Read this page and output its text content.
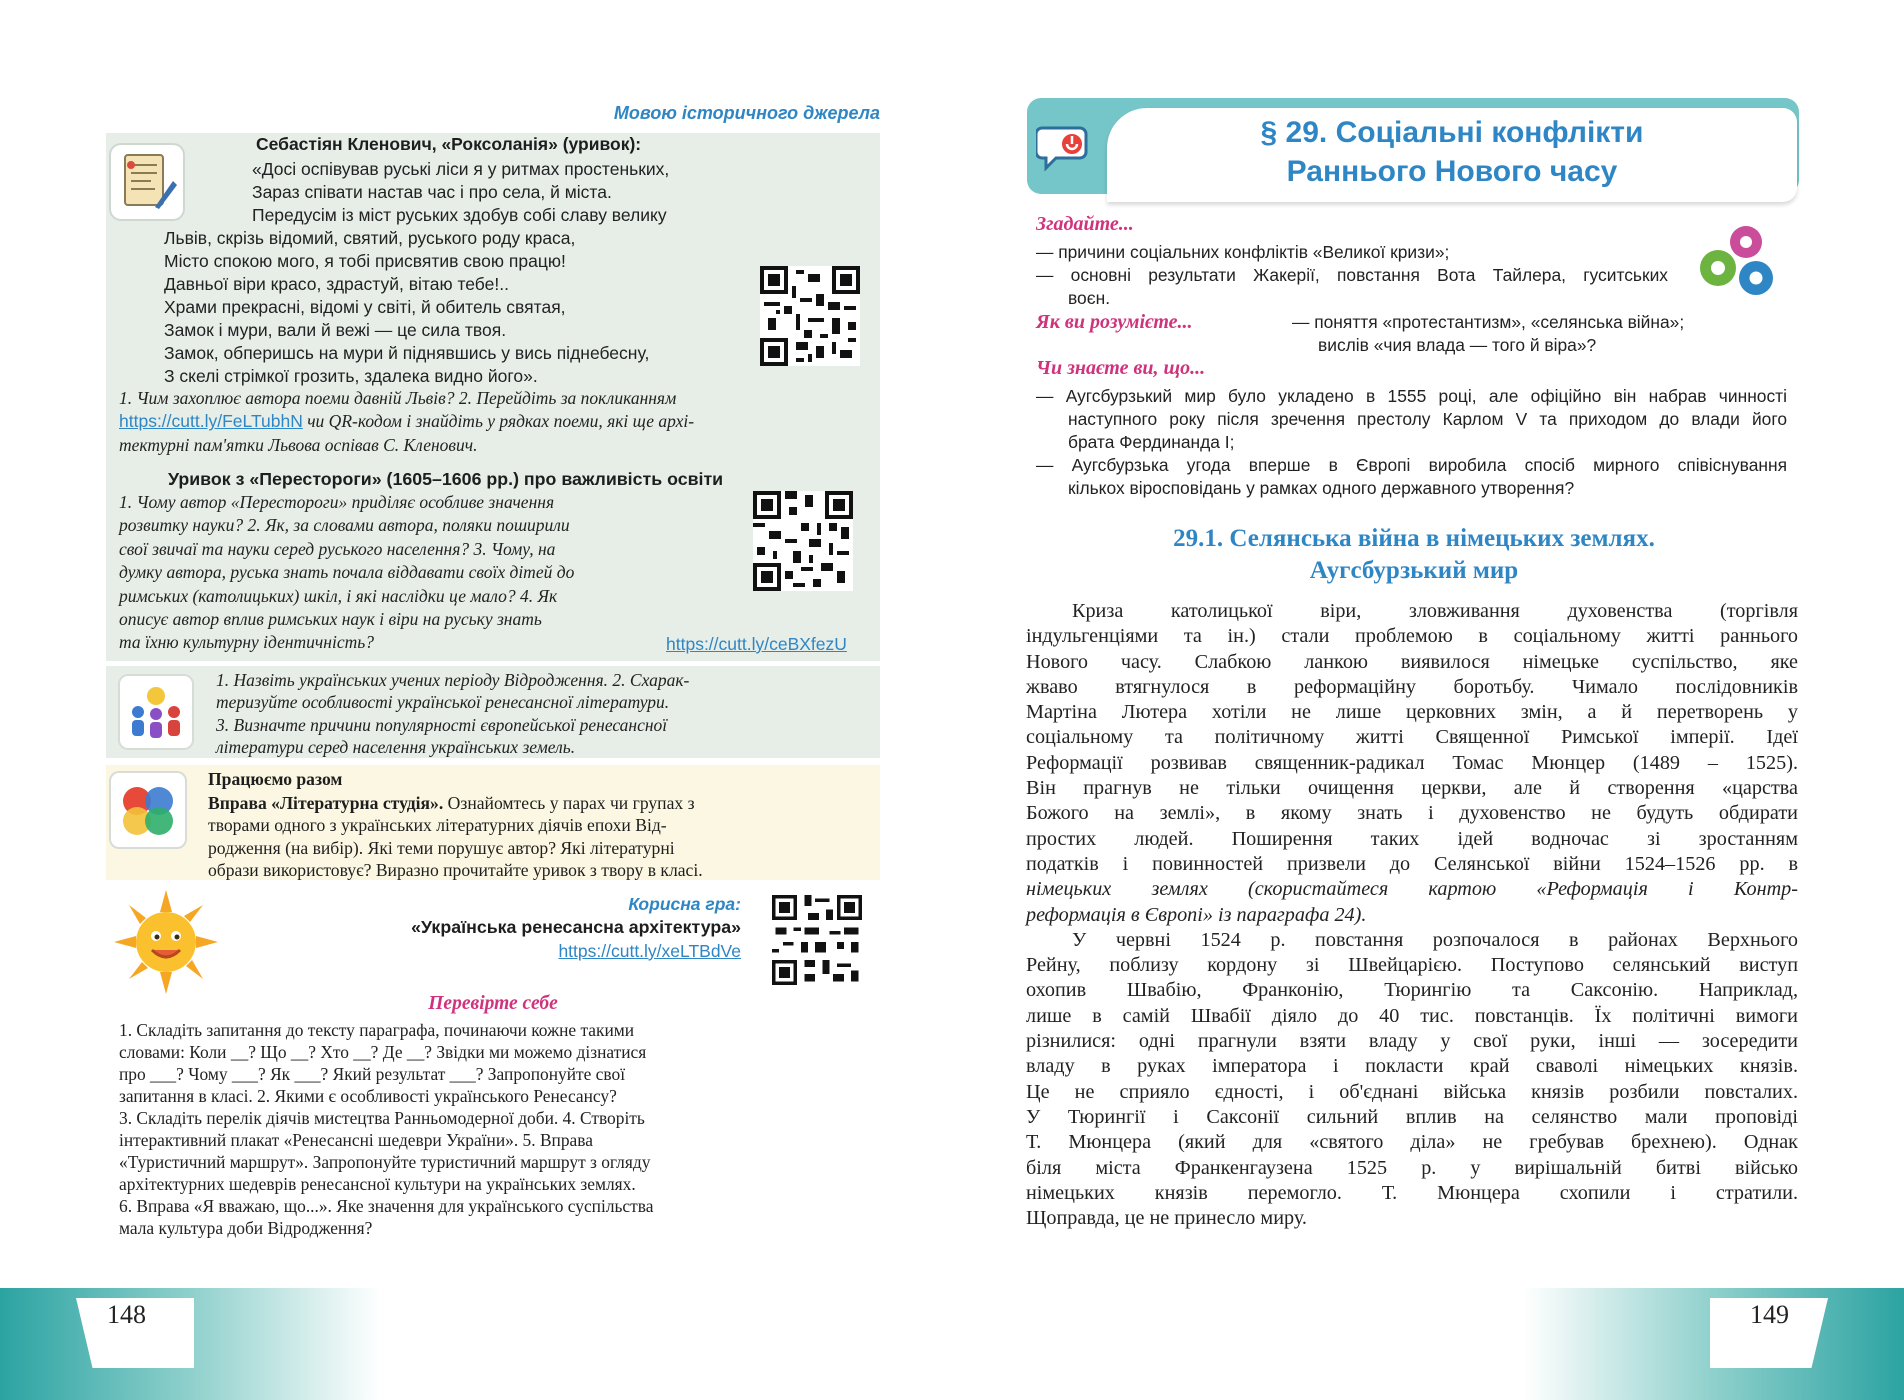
Мовою історичного джерела
Себастіян Кленович, «Роксоланія» (уривок):
«Досі оспівував руські ліси я у ритмах простеньких,
Зараз співати настав час і про села, й міста.
Передусім із міст руських здобув собі славу велику
Львів, скрізь відомий, святий, руського роду краса,
Місто спокою мого, я тобі присвятив свою працю!
Давньої віри красо, здрастуй, вітаю тебе!..
Храми прекрасні, відомі у світі, й обитель святая,
Замок і мури, вали й вежі — це сила твоя.
Замок, обперишсь на мури й піднявшись у вись піднебесну,
З скелі стрімкої грозить, здалека видно його».
1. Чим захоплює автора поеми давній Львів? 2. Перейдіть за покликанням
https://cutt.ly/FeLTubhN чи QR-кодом і знайдіть у рядках поеми, які ще архі-
тектурні пам'ятки Львова оспівав С. Кленович.
Уривок з «Перестороги» (1605–1606 рр.) про важливість освіти
1. Чому автор «Перестороги» приділяє особливе значення
розвитку науки? 2. Як, за словами автора, поляки поширили
свої звичаї та науки серед руського населення? 3. Чому, на
думку автора, руська знать почала віддавати своїх дітей до
римських (католицьких) шкіл, і які наслідки це мало? 4. Як
описує автор вплив римських наук і віри на руську знать
та їхню культурну ідентичність?	https://cutt.ly/ceBXfezU
1. Назвіть українських учених періоду Відродження. 2. Схарак-
теризуйте особливості української ренесансної літератури.
3. Визначте причини популярності європейської ренесансної
літератури серед населення українських земель.
Працюємо разом
Вправа «Літературна студія». Ознайомтесь у парах чи групах з
творами одного з українських літературних діячів епохи Від-
родження (на вибір). Які теми порушує автор? Які літературні
образи використовує? Виразно прочитайте уривок з твору в класі.
Корисна гра:
«Українська ренесансна архітектура»
https://cutt.ly/xeLTBdVe
Перевірте себе
1. Складіть запитання до тексту параграфа, починаючи кожне такими
словами: Коли __? Що __? Хто __? Де __? Звідки ми можемо дізнатися
про ___? Чому ___? Як ___? Який результат ___? Запропонуйте свої
запитання в класі. 2. Якими є особливості українського Ренесансу?
3. Складіть перелік діячів мистецтва Ранньомодерної доби. 4. Створіть
інтерактивний плакат «Ренесансні шедеври України». 5. Вправа
«Туристичний маршрут». Запропонуйте туристичний маршрут з огляду
архітектурних шедеврів ренесансної культури на українських землях.
6. Вправа «Я вважаю, що...». Яке значення для українського суспільства
мала культура доби Відродження?
148	149
§ 29. Соціальні конфлікти
Раннього Нового часу
Згадайте...
— причини соціальних конфліктів «Великої кризи»;
— основні результати Жакерії, повстання Вота Тайлера, гуситських
воєн.
Як ви розумієте...	— поняття «протестантизм», «селянська війна»;
вислів «чия влада — того й віра»?
Чи знаєте ви, що...
— Аугсбурзький мир було укладено в 1555 році, але офіційно він набрав чинності
наступного року після зречення престолу Карлом V та приходом до влади його
брата Фердинанда I;
— Аугсбурзька угода вперше в Європі виробила спосіб мирного співіснування
кількох віросповідань у рамках одного державного утворення?
29.1. Селянська війна в німецьких землях.
Аугсбурзький мир
Криза католицької віри, зловживання духовенства (торгівля
індульгенціями та ін.) стали проблемою в соціальному житті раннього
Нового часу. Слабкою ланкою виявилося німецьке суспільство, яке
жваво втягнулося в реформаційну боротьбу. Чимало послідовників
Мартіна Лютера хотіли не лише церковних змін, а й перетворень у
соціальному та політичному житті Священної Римської імперії. Ідеї
Реформації розвивав священник-радикал Томас Мюнцер (1489 – 1525).
Він прагнув не тільки очищення церкви, але й створення «царства
Божого на землі», в якому знать і духовенство не будуть обдирати
простих людей. Поширення таких ідей водночас зі зростанням
податків і повинностей призвели до Селянської війни 1524–1526 рр. в
німецьких землях (скористайтеся картою «Реформація і Контр-
реформація в Європі» із параграфа 24).
У червні 1524 р. повстання розпочалося в районах Верхнього
Рейну, поблизу кордону зі Швейцарією. Поступово селянський виступ
охопив Швабію, Франконію, Тюрингію та Саксонію. Наприклад,
лише в самій Швабії діяло до 40 тис. повстанців. Їх політичні вимоги
різнилися: одні прагнули взяти владу у свої руки, інші — зосередити
владу в руках імператора і покласти край сваволі німецьких князів.
Це не сприяло єдності, і об'єднані війська князів розбили повсталих.
У Тюрингії і Саксонії сильний вплив на селянство мали проповіді
Т. Мюнцера (який для «святого діла» не гребував брехнею). Однак
біля міста Франкенгаузена 1525 р. у вирішальній битві військо
німецьких князів перемогло. Т. Мюнцера схопили і стратили.
Щоправда, це не принесло миру.
